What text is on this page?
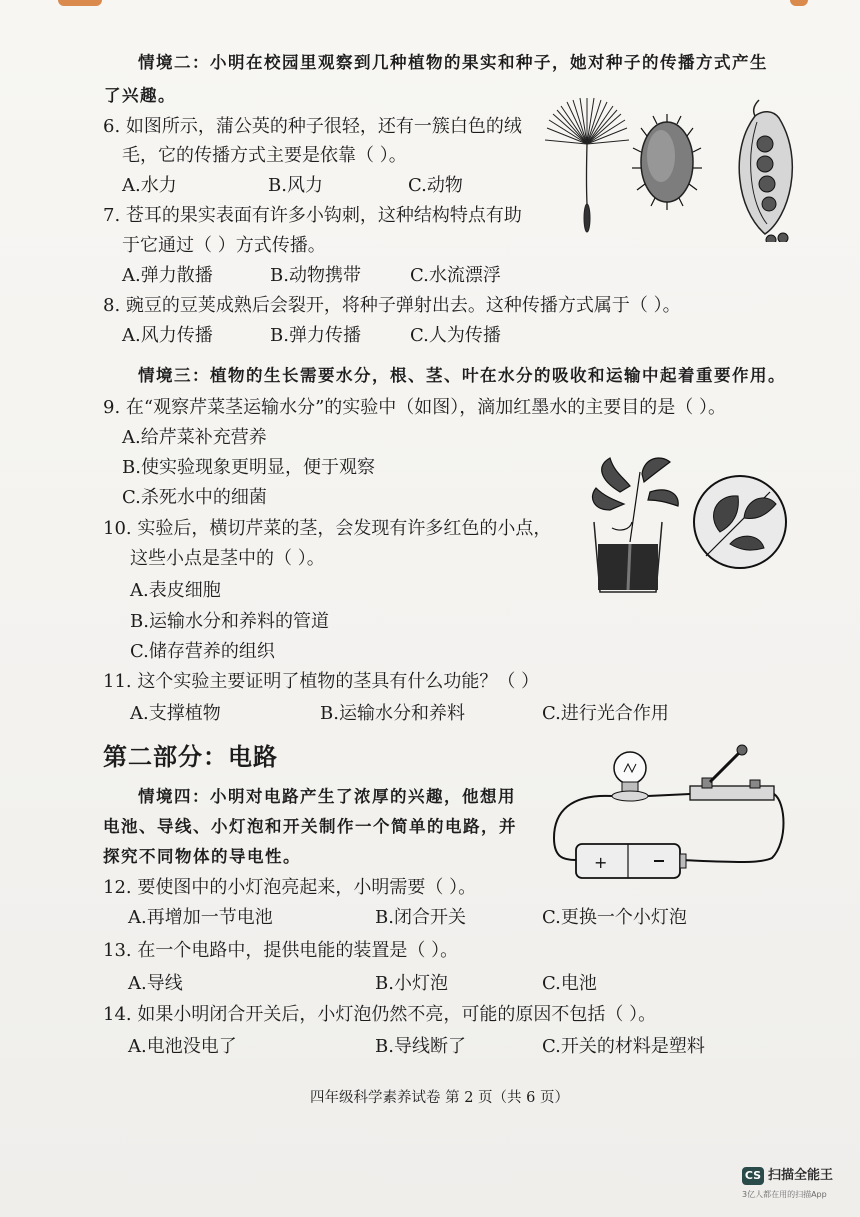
情境二：小明在校园里观察到几种植物的果实和种子，她对种子的传播方式产生
了兴趣。
6. 如图所示，蒲公英的种子很轻，还有一簇白色的绒
毛，它的传播方式主要是依靠（ ）。
A.水力	B.风力	C.动物
7. 苍耳的果实表面有许多小钩刺，这种结构特点有助
于它通过（ ）方式传播。
A.弹力散播	B.动物携带	C.水流漂浮
8. 豌豆的豆荚成熟后会裂开，将种子弹射出去。这种传播方式属于（ ）。
A.风力传播	B.弹力传播	C.人为传播
情境三：植物的生长需要水分，根、茎、叶在水分的吸收和运输中起着重要作用。
9. 在“观察芹菜茎运输水分”的实验中（如图），滴加红墨水的主要目的是（ ）。
A.给芹菜补充营养
B.使实验现象更明显，便于观察
C.杀死水中的细菌
10. 实验后，横切芹菜的茎，会发现有许多红色的小点，
这些小点是茎中的（ ）。
A.表皮细胞
B.运输水分和养料的管道
C.储存营养的组织
11. 这个实验主要证明了植物的茎具有什么功能？（ ）
A.支撑植物	B.运输水分和养料	C.进行光合作用
第二部分：电路
情境四：小明对电路产生了浓厚的兴趣，他想用
电池、导线、小灯泡和开关制作一个简单的电路，并
探究不同物体的导电性。
12. 要使图中的小灯泡亮起来，小明需要（ ）。
A.再增加一节电池	B.闭合开关	C.更换一个小灯泡
13. 在一个电路中，提供电能的装置是（ ）。
A.导线	B.小灯泡	C.电池
14. 如果小明闭合开关后，小灯泡仍然不亮，可能的原因不包括（ ）。
A.电池没电了	B.导线断了	C.开关的材料是塑料
四年级科学素养试卷 第 2 页（共 6 页）
+
CS 扫描全能王
3亿人都在用的扫描App
